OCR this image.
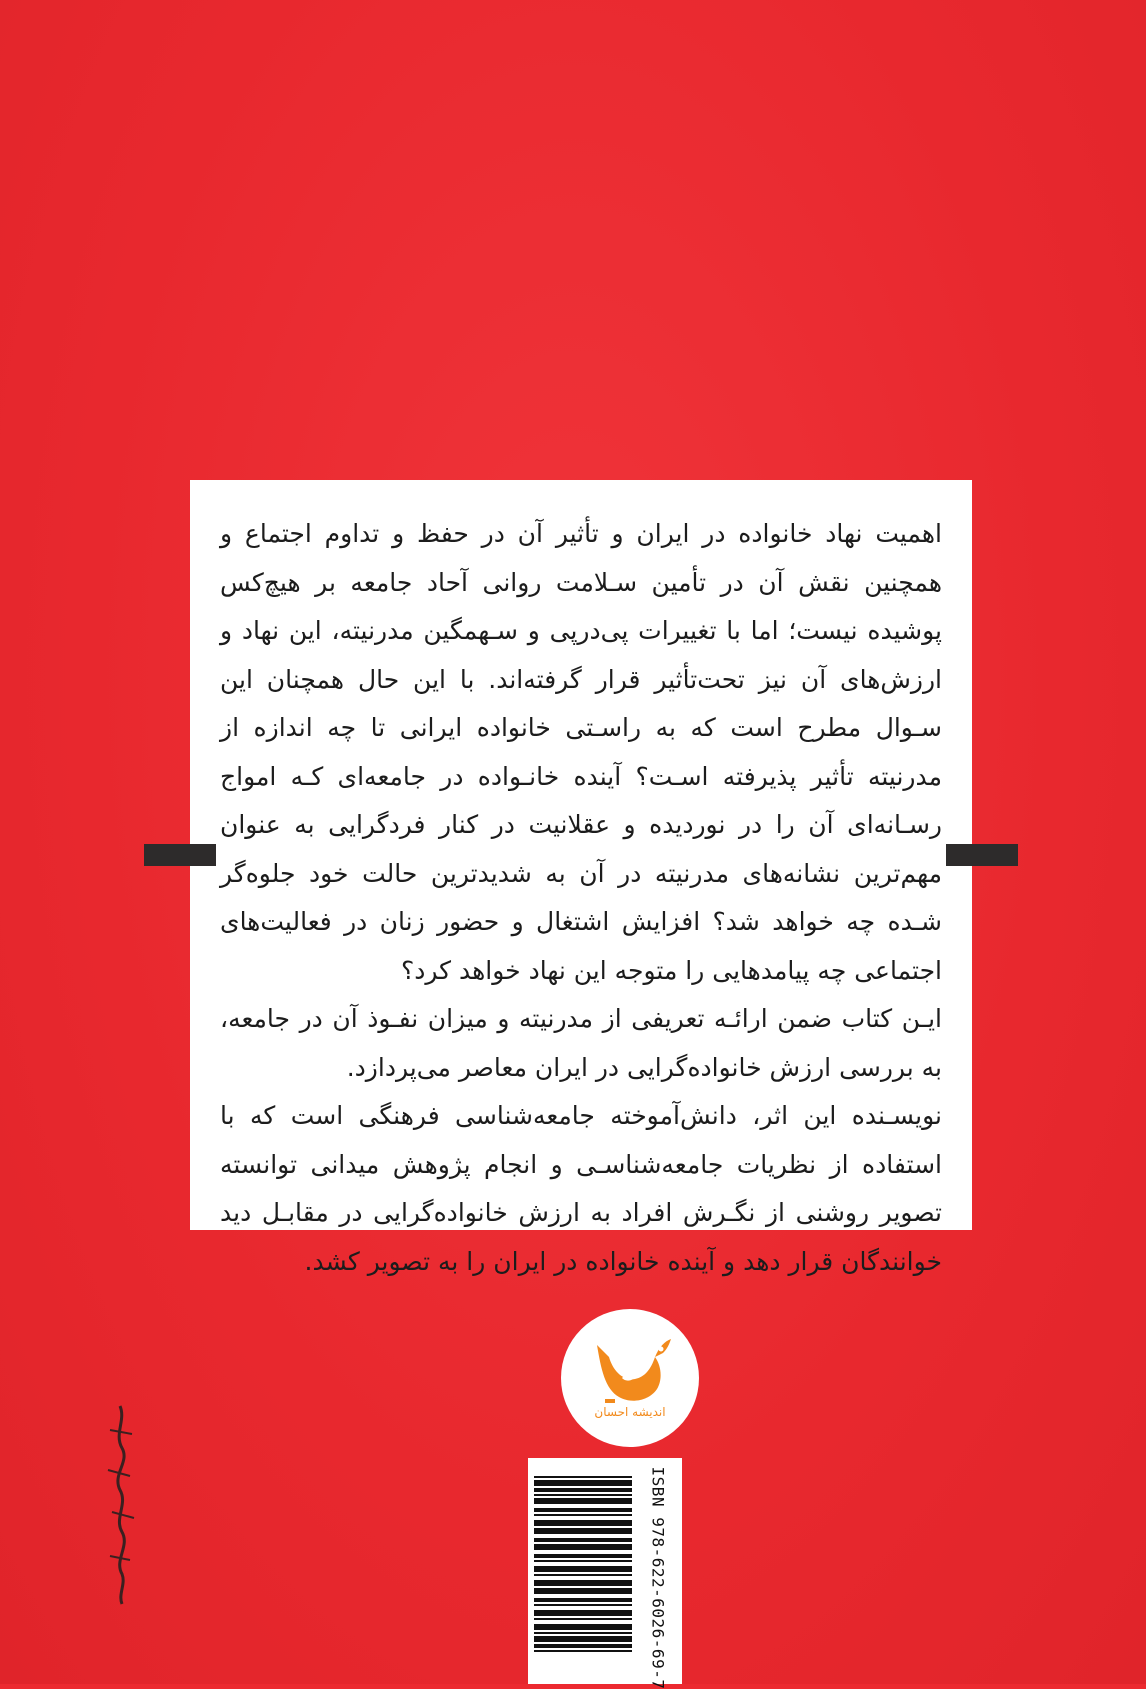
اهمیت نهاد خانواده در ایران و تأثیر آن در حفظ و تداوم اجتماع و همچنین نقش آن در تأمین سـلامت روانی آحاد جامعه بر هیچ‌کس پوشیده نیست؛ اما با تغییرات پی‌درپی و سـهمگین مدرنیته، این نهاد و ارزش‌های آن نیز تحت‌تأثیر قرار گرفته‌اند. با این حال همچنان این سـوال مطرح است که به راسـتی خانواده ایرانی تا چه اندازه از مدرنیته تأثیر پذیرفته اسـت؟ آینده خانـواده در جامعه‌ای کـه امواج رسـانه‌ای آن را در نوردیده و عقلانیت در کنار فردگرایی به عنوان مهم‌ترین نشانه‌های مدرنیته در آن به شدیدترین حالت خود جلوه‌گر شـده چه خواهد شد؟ افزایش اشتغال و حضور زنان در فعالیت‌های اجتماعی چه پیامدهایی را متوجه این نهاد خواهد کرد؟

ایـن کتاب ضمن ارائـه تعریفی از مدرنیته و میزان نفـوذ آن در جامعه، به بررسی ارزش خانواده‌گرایی در ایران معاصر می‌پردازد.

نویسـنده این اثر، دانش‌آموخته جامعه‌شناسی فرهنگی است که با استفاده از نظریات جامعه‌شناسـی و انجام پژوهش میدانی توانسته تصویر روشنی از نگـرش افراد به ارزش خانواده‌گرایی در مقابـل دید خوانندگان قرار دهد و آینده خانواده در ایران را به تصویر کشد.

اندیشه احسان
ISBN 978-622-6026-69-7
